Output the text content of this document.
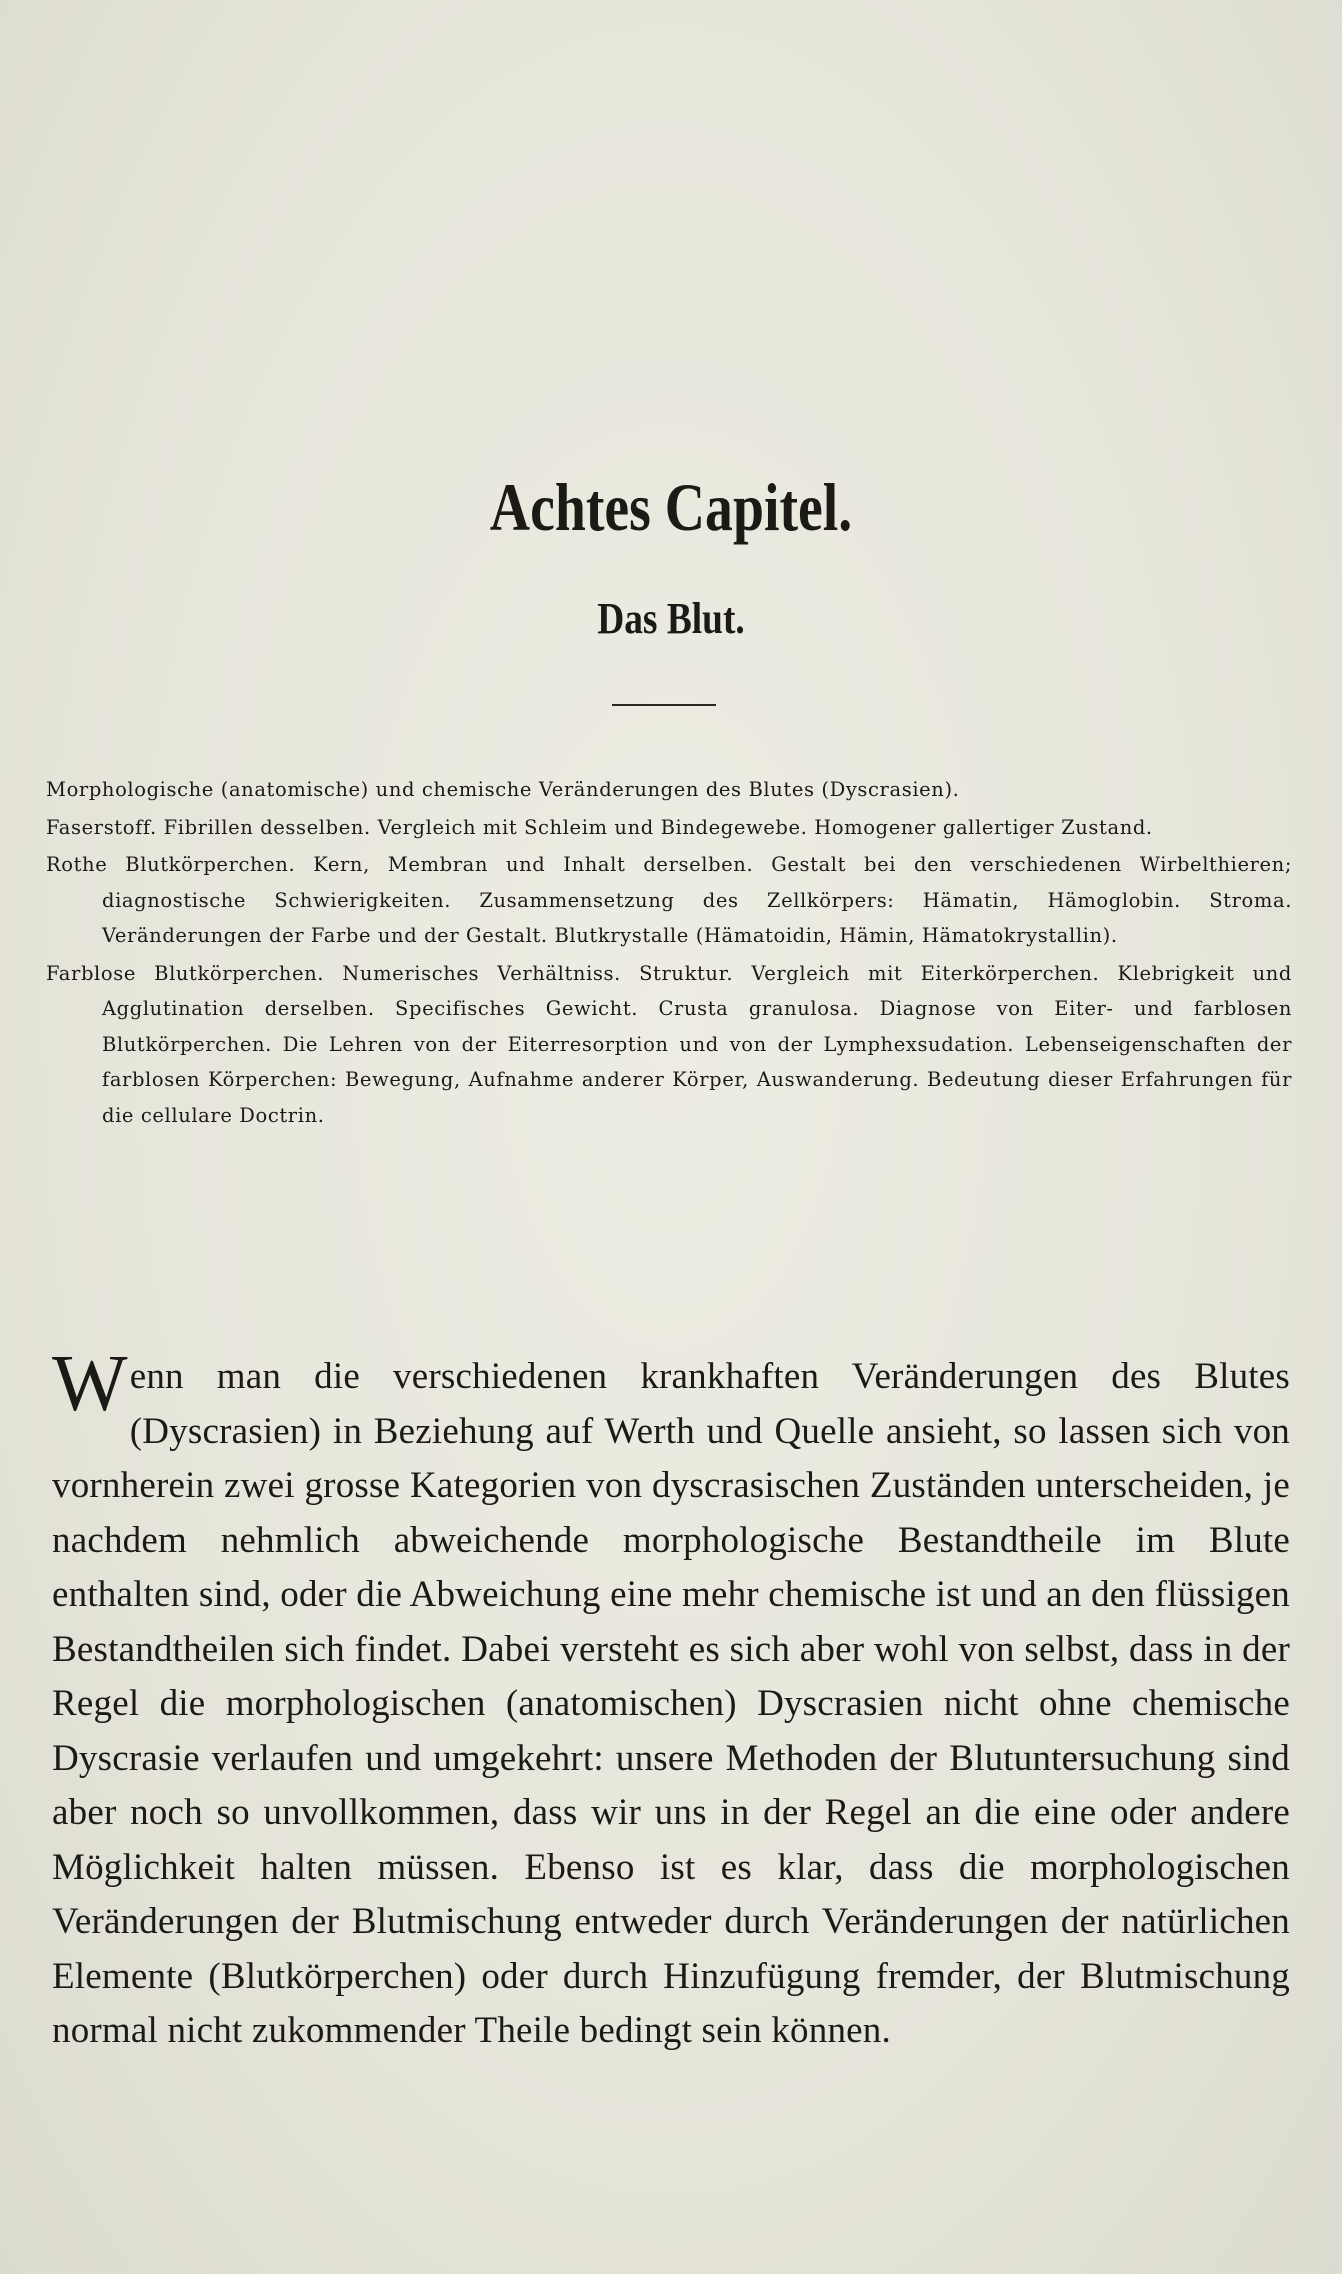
Achtes Capitel.
Das Blut.

Morphologische (anatomische) und chemische Veränderungen des Blutes (Dyscrasien).

Faserstoff. Fibrillen desselben. Vergleich mit Schleim und Bindegewebe. Homogener gallertiger Zustand.

Rothe Blutkörperchen. Kern, Membran und Inhalt derselben. Gestalt bei den verschiedenen Wirbelthieren; diagnostische Schwierigkeiten. Zusammensetzung des Zellkörpers: Hämatin, Hämoglobin. Stroma. Veränderungen der Farbe und der Gestalt. Blutkrystalle (Hämatoidin, Hämin, Hämatokrystallin).

Farblose Blutkörperchen. Numerisches Verhältniss. Struktur. Vergleich mit Eiterkörperchen. Klebrigkeit und Agglutination derselben. Specifisches Gewicht. Crusta granulosa. Diagnose von Eiter- und farblosen Blutkörperchen. Die Lehren von der Eiterresorption und von der Lymphexsudation. Lebenseigenschaften der farblosen Körperchen: Bewegung, Aufnahme anderer Körper, Auswanderung. Bedeutung dieser Erfahrungen für die cellulare Doctrin.

Wenn man die verschiedenen krankhaften Veränderungen des Blutes (Dyscrasien) in Beziehung auf Werth und Quelle ansieht, so lassen sich von vornherein zwei grosse Kategorien von dyscrasischen Zuständen unterscheiden, je nachdem nehmlich abweichende morphologische Bestandtheile im Blute enthalten sind, oder die Abweichung eine mehr chemische ist und an den flüssigen Bestandtheilen sich findet. Dabei versteht es sich aber wohl von selbst, dass in der Regel die morphologischen (anatomischen) Dyscrasien nicht ohne chemische Dyscrasie verlaufen und umgekehrt: unsere Methoden der Blutuntersuchung sind aber noch so unvollkommen, dass wir uns in der Regel an die eine oder andere Möglichkeit halten müssen. Ebenso ist es klar, dass die morphologischen Veränderungen der Blutmischung entweder durch Veränderungen der natürlichen Elemente (Blutkörperchen) oder durch Hinzufügung fremder, der Blutmischung normal nicht zukommender Theile bedingt sein können.
